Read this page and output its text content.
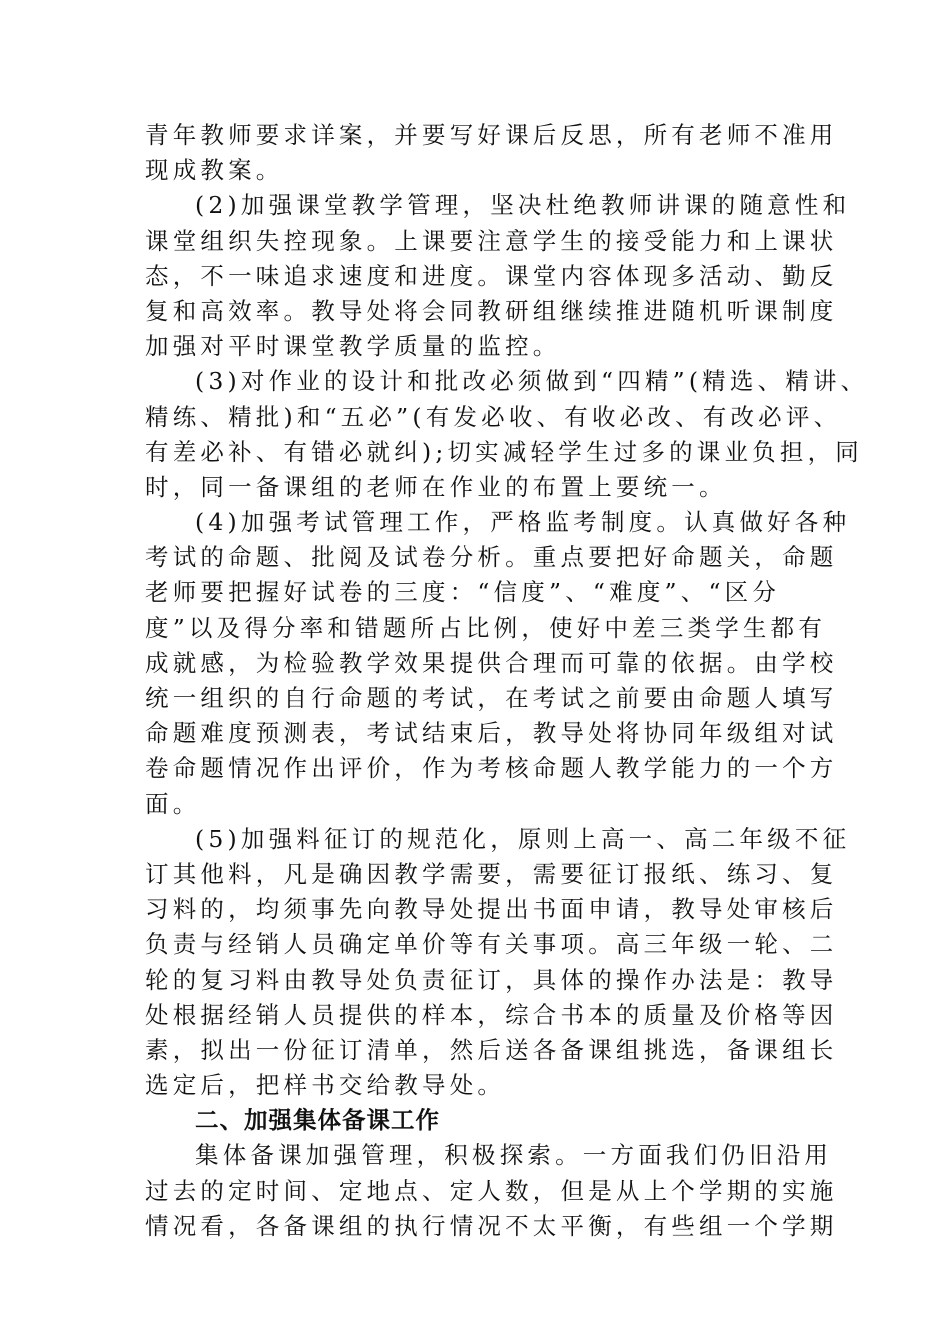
青年教师要求详案，并要写好课后反思，所有老师不准用
现成教案。
(2)加强课堂教学管理，坚决杜绝教师讲课的随意性和
课堂组织失控现象。上课要注意学生的接受能力和上课状
态，不一味追求速度和进度。课堂内容体现多活动、勤反
复和高效率。教导处将会同教研组继续推进随机听课制度
加强对平时课堂教学质量的监控。
(3)对作业的设计和批改必须做到“四精”(精选、精讲、
精练、精批)和“五必”(有发必收、有收必改、有改必评、
有差必补、有错必就纠);切实减轻学生过多的课业负担，同
时，同一备课组的老师在作业的布置上要统一。
(4)加强考试管理工作，严格监考制度。认真做好各种
考试的命题、批阅及试卷分析。重点要把好命题关，命题
老师要把握好试卷的三度：“信度”、“难度”、“区分
度”以及得分率和错题所占比例，使好中差三类学生都有
成就感，为检验教学效果提供合理而可靠的依据。由学校
统一组织的自行命题的考试，在考试之前要由命题人填写
命题难度预测表，考试结束后，教导处将协同年级组对试
卷命题情况作出评价，作为考核命题人教学能力的一个方
面。
(5)加强料征订的规范化，原则上高一、高二年级不征
订其他料，凡是确因教学需要，需要征订报纸、练习、复
习料的，均须事先向教导处提出书面申请，教导处审核后
负责与经销人员确定单价等有关事项。高三年级一轮、二
轮的复习料由教导处负责征订，具体的操作办法是：教导
处根据经销人员提供的样本，综合书本的质量及价格等因
素，拟出一份征订清单，然后送各备课组挑选，备课组长
选定后，把样书交给教导处。
二、加强集体备课工作
集体备课加强管理，积极探索。一方面我们仍旧沿用
过去的定时间、定地点、定人数，但是从上个学期的实施
情况看，各备课组的执行情况不太平衡，有些组一个学期
